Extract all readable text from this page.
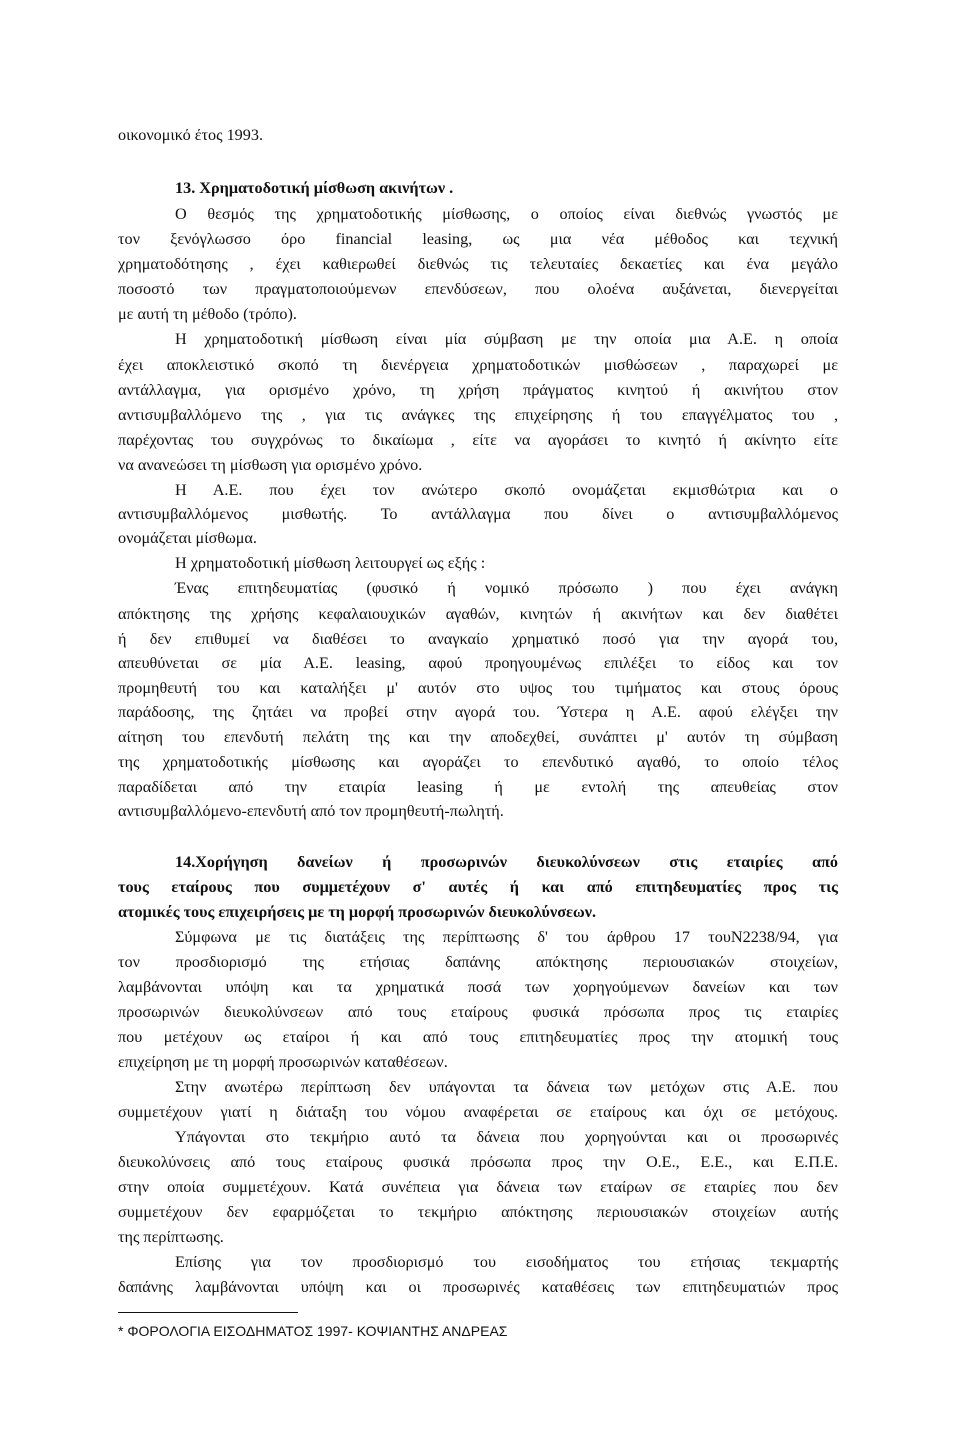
οικονομικό έτος 1993.
13. Χρηματοδοτική μίσθωση ακινήτων .
Ο θεσμός της χρηματοδοτικής μίσθωσης, ο οποίος είναι διεθνώς γνωστός με
τον ξενόγλωσσο όρο financial leasing, ως μια νέα μέθοδος και τεχνική
χρηματοδότησης , έχει καθιερωθεί διεθνώς τις τελευταίες δεκαετίες και ένα μεγάλο
ποσοστό των πραγματοποιούμενων επενδύσεων, που ολοένα αυξάνεται, διενεργείται
με αυτή τη μέθοδο (τρόπο).
Η χρηματοδοτική μίσθωση είναι μία σύμβαση με την οποία μια Α.Ε. η οποία
έχει αποκλειστικό σκοπό τη διενέργεια χρηματοδοτικών μισθώσεων , παραχωρεί με
αντάλλαγμα, για ορισμένο χρόνο, τη χρήση πράγματος κινητού ή ακινήτου στον
αντισυμβαλλόμενο της , για τις ανάγκες της επιχείρησης ή του επαγγέλματος του ,
παρέχοντας του συγχρόνως το δικαίωμα , είτε να αγοράσει το κινητό ή ακίνητο είτε
να ανανεώσει τη μίσθωση για ορισμένο χρόνο.
Η Α.Ε. που έχει τον ανώτερο σκοπό ονομάζεται εκμισθώτρια και ο
αντισυμβαλλόμενος μισθωτής. Το αντάλλαγμα που δίνει ο αντισυμβαλλόμενος
ονομάζεται μίσθωμα.
Η χρηματοδοτική μίσθωση λειτουργεί ως εξής :
Ένας επιτηδευματίας (φυσικό ή νομικό πρόσωπο ) που έχει ανάγκη
απόκτησης της χρήσης κεφαλαιουχικών αγαθών, κινητών ή ακινήτων και δεν διαθέτει
ή δεν επιθυμεί να διαθέσει το αναγκαίο χρηματικό ποσό για την αγορά του,
απευθύνεται σε μία Α.Ε. leasing, αφού προηγουμένως επιλέξει το είδος και τον
προμηθευτή του και καταλήξει μ' αυτόν στο υψος του τιμήματος και στους όρους
παράδοσης, της ζητάει να προβεί στην αγορά του. Ύστερα η Α.Ε. αφού ελέγξει την
αίτηση του επενδυτή πελάτη της και την αποδεχθεί, συνάπτει μ' αυτόν τη σύμβαση
της χρηματοδοτικής μίσθωσης και αγοράζει το επενδυτικό αγαθό, το οποίο τέλος
παραδίδεται από την εταιρία leasing ή με εντολή της απευθείας στον
αντισυμβαλλόμενο-επενδυτή από τον προμηθευτή-πωλητή.
14.Χορήγηση δανείων ή προσωρινών διευκολύνσεων στις εταιρίες από
τους εταίρους που συμμετέχουν σ' αυτές ή και από επιτηδευματίες προς τις
ατομικές τους επιχειρήσεις με τη μορφή προσωρινών διευκολύνσεων.
Σύμφωνα με τις διατάξεις της περίπτωσης δ' του άρθρου 17 τουΝ2238/94, για
τον προσδιορισμό της ετήσιας δαπάνης απόκτησης περιουσιακών στοιχείων,
λαμβάνονται υπόψη και τα χρηματικά ποσά των χορηγούμενων δανείων και των
προσωρινών διευκολύνσεων από τους εταίρους φυσικά πρόσωπα προς τις εταιρίες
που μετέχουν ως εταίροι ή και από τους επιτηδευματίες προς την ατομική τους
επιχείρηση με τη μορφή προσωρινών καταθέσεων.
Στην ανωτέρω περίπτωση δεν υπάγονται τα δάνεια των μετόχων στις Α.Ε. που
συμμετέχουν γιατί η διάταξη του νόμου αναφέρεται σε εταίρους και όχι σε μετόχους.
Υπάγονται στο τεκμήριο αυτό τα δάνεια που χορηγούνται και οι προσωρινές
διευκολύνσεις από τους εταίρους φυσικά πρόσωπα προς την Ο.Ε., Ε.Ε., και Ε.Π.Ε.
στην οποία συμμετέχουν. Κατά συνέπεια για δάνεια των εταίρων σε εταιρίες που δεν
συμμετέχουν δεν εφαρμόζεται το τεκμήριο απόκτησης περιουσιακών στοιχείων αυτής
της περίπτωσης.
Επίσης για τον προσδιορισμό του εισοδήματος του ετήσιας τεκμαρτής
δαπάνης λαμβάνονται υπόψη και οι προσωρινές καταθέσεις των επιτηδευματιών προς
* ΦΟΡΟΛΟΓΙΑ ΕΙΣΟΔΗΜΑΤΟΣ 1997- ΚΟΨΙΑΝΤΗΣ ΑΝΔΡΕΑΣ
